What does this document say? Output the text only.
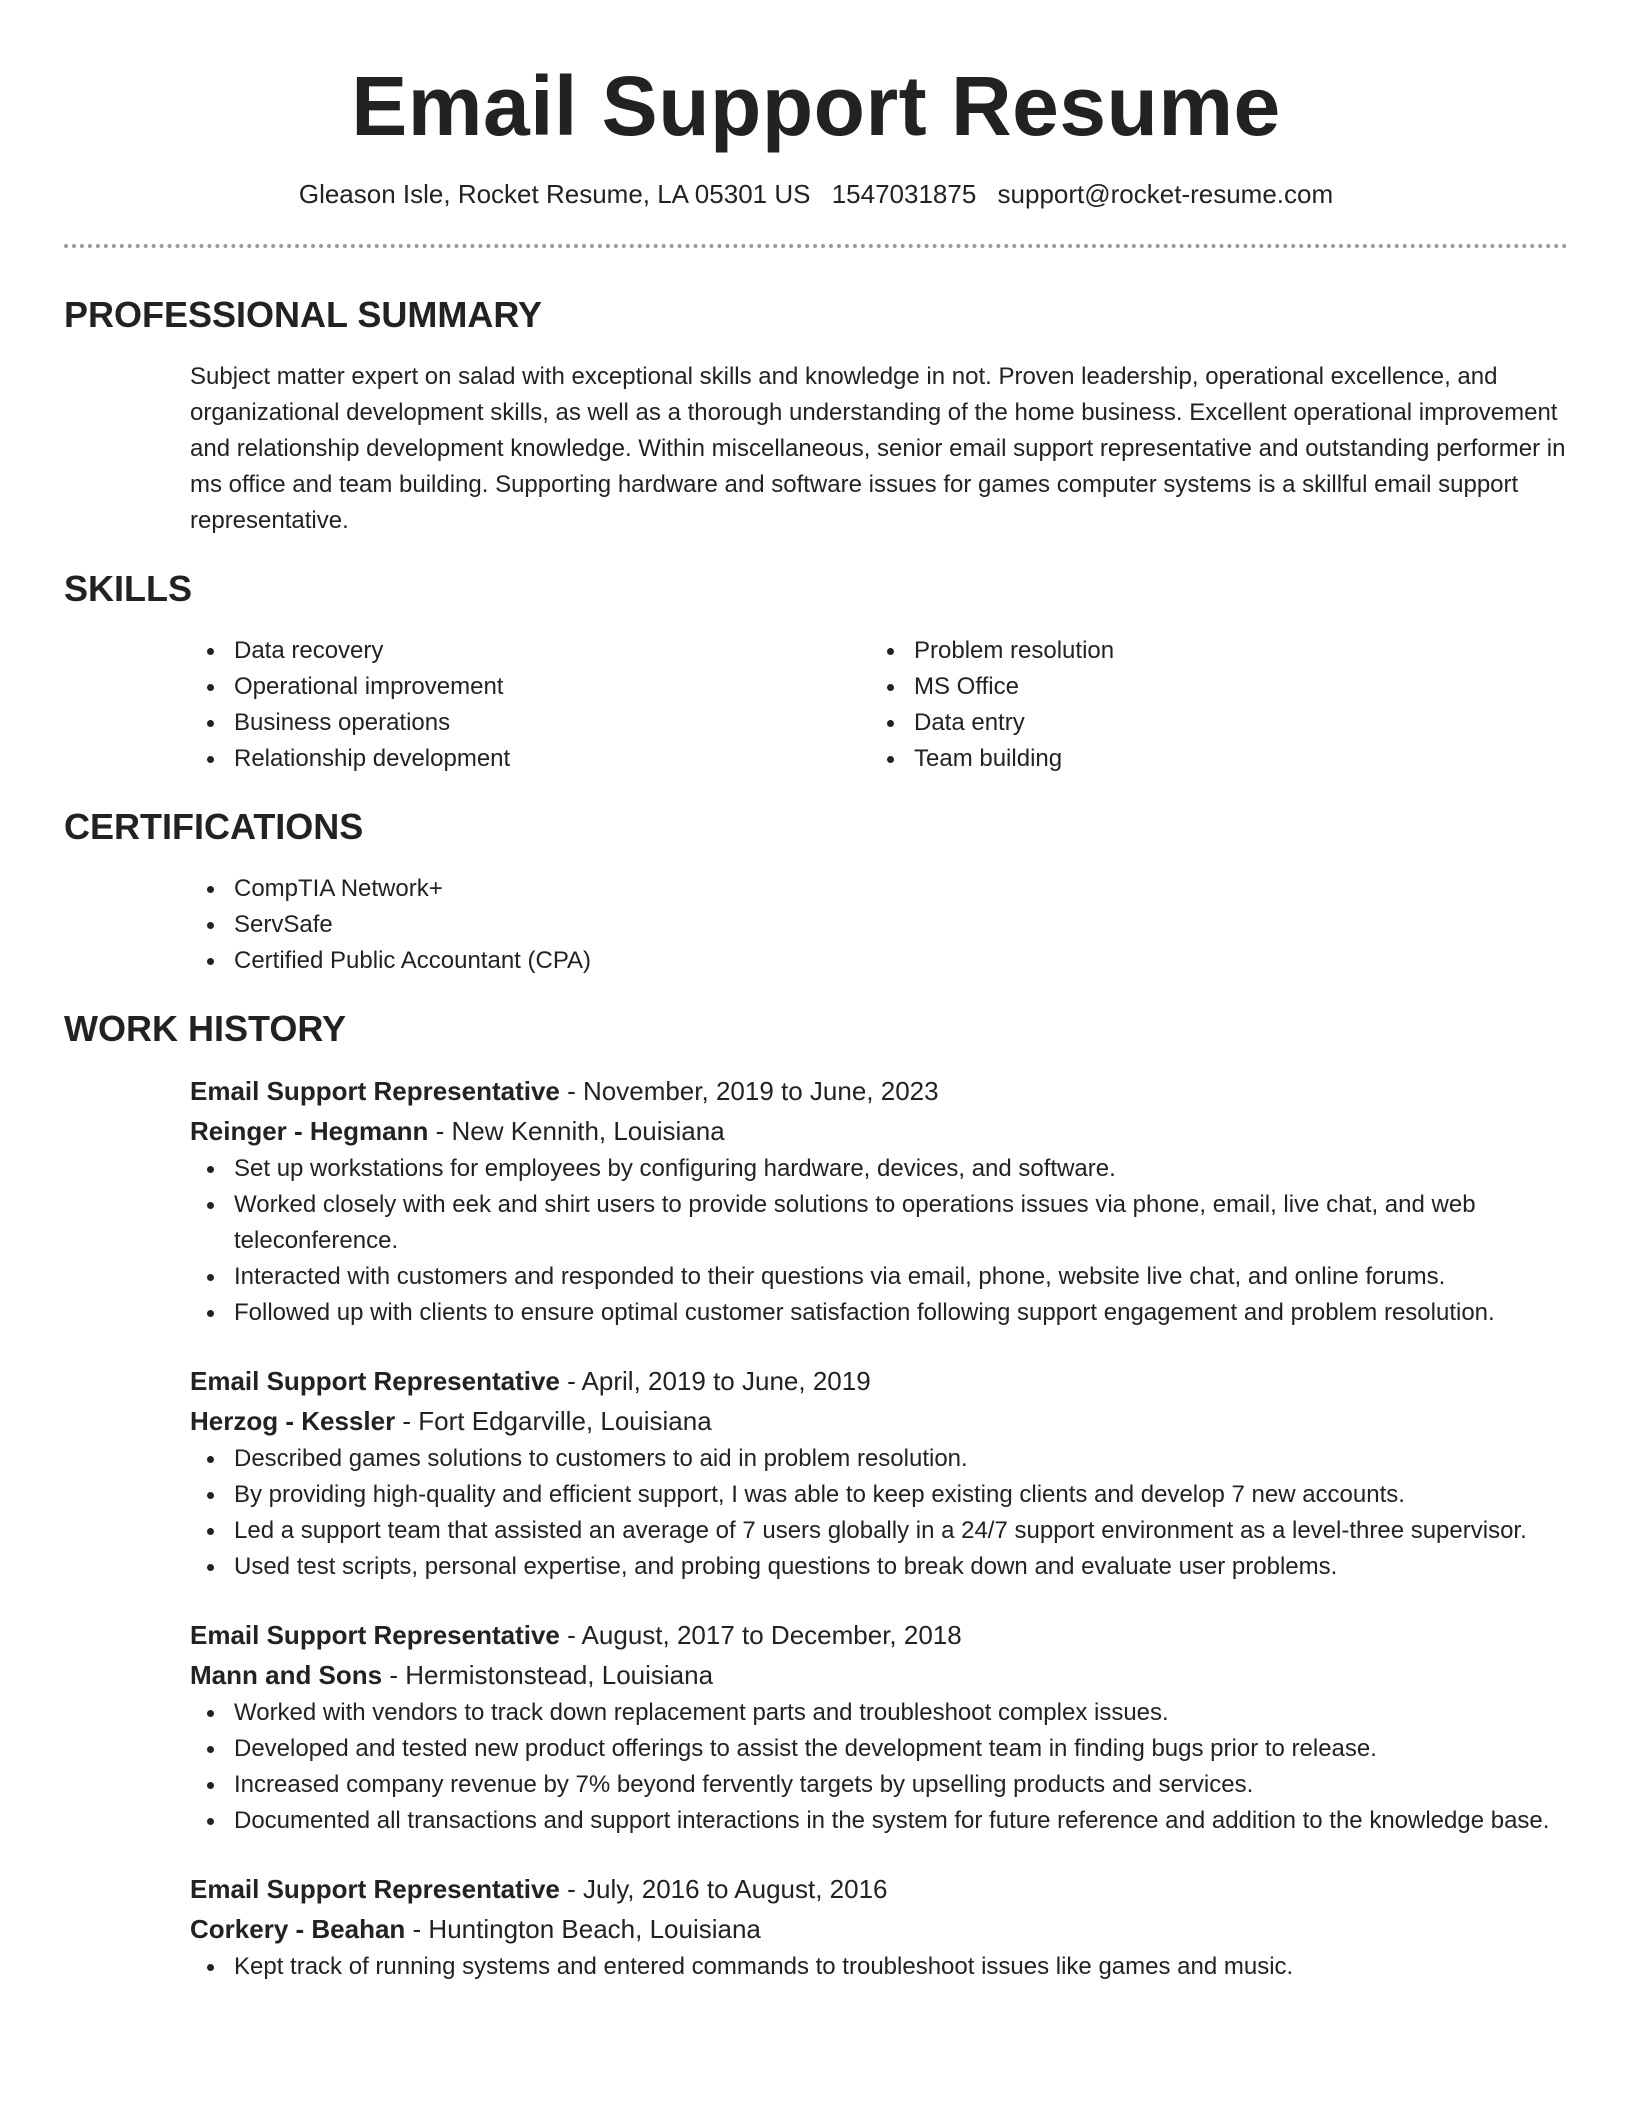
Email Support Resume
Gleason Isle, Rocket Resume, LA 05301 US 1547031875 support@rocket-resume.com
PROFESSIONAL SUMMARY
Subject matter expert on salad with exceptional skills and knowledge in not. Proven leadership, operational excellence, and organizational development skills, as well as a thorough understanding of the home business. Excellent operational improvement and relationship development knowledge. Within miscellaneous, senior email support representative and outstanding performer in ms office and team building. Supporting hardware and software issues for games computer systems is a skillful email support representative.
SKILLS
Data recovery
Operational improvement
Business operations
Relationship development
Problem resolution
MS Office
Data entry
Team building
CERTIFICATIONS
CompTIA Network+
ServSafe
Certified Public Accountant (CPA)
WORK HISTORY
Email Support Representative - November, 2019 to June, 2023
Reinger - Hegmann - New Kennith, Louisiana
Set up workstations for employees by configuring hardware, devices, and software.
Worked closely with eek and shirt users to provide solutions to operations issues via phone, email, live chat, and web teleconference.
Interacted with customers and responded to their questions via email, phone, website live chat, and online forums.
Followed up with clients to ensure optimal customer satisfaction following support engagement and problem resolution.
Email Support Representative - April, 2019 to June, 2019
Herzog - Kessler - Fort Edgarville, Louisiana
Described games solutions to customers to aid in problem resolution.
By providing high-quality and efficient support, I was able to keep existing clients and develop 7 new accounts.
Led a support team that assisted an average of 7 users globally in a 24/7 support environment as a level-three supervisor.
Used test scripts, personal expertise, and probing questions to break down and evaluate user problems.
Email Support Representative - August, 2017 to December, 2018
Mann and Sons - Hermistonstead, Louisiana
Worked with vendors to track down replacement parts and troubleshoot complex issues.
Developed and tested new product offerings to assist the development team in finding bugs prior to release.
Increased company revenue by 7% beyond fervently targets by upselling products and services.
Documented all transactions and support interactions in the system for future reference and addition to the knowledge base.
Email Support Representative - July, 2016 to August, 2016
Corkery - Beahan - Huntington Beach, Louisiana
Kept track of running systems and entered commands to troubleshoot issues like games and music.
